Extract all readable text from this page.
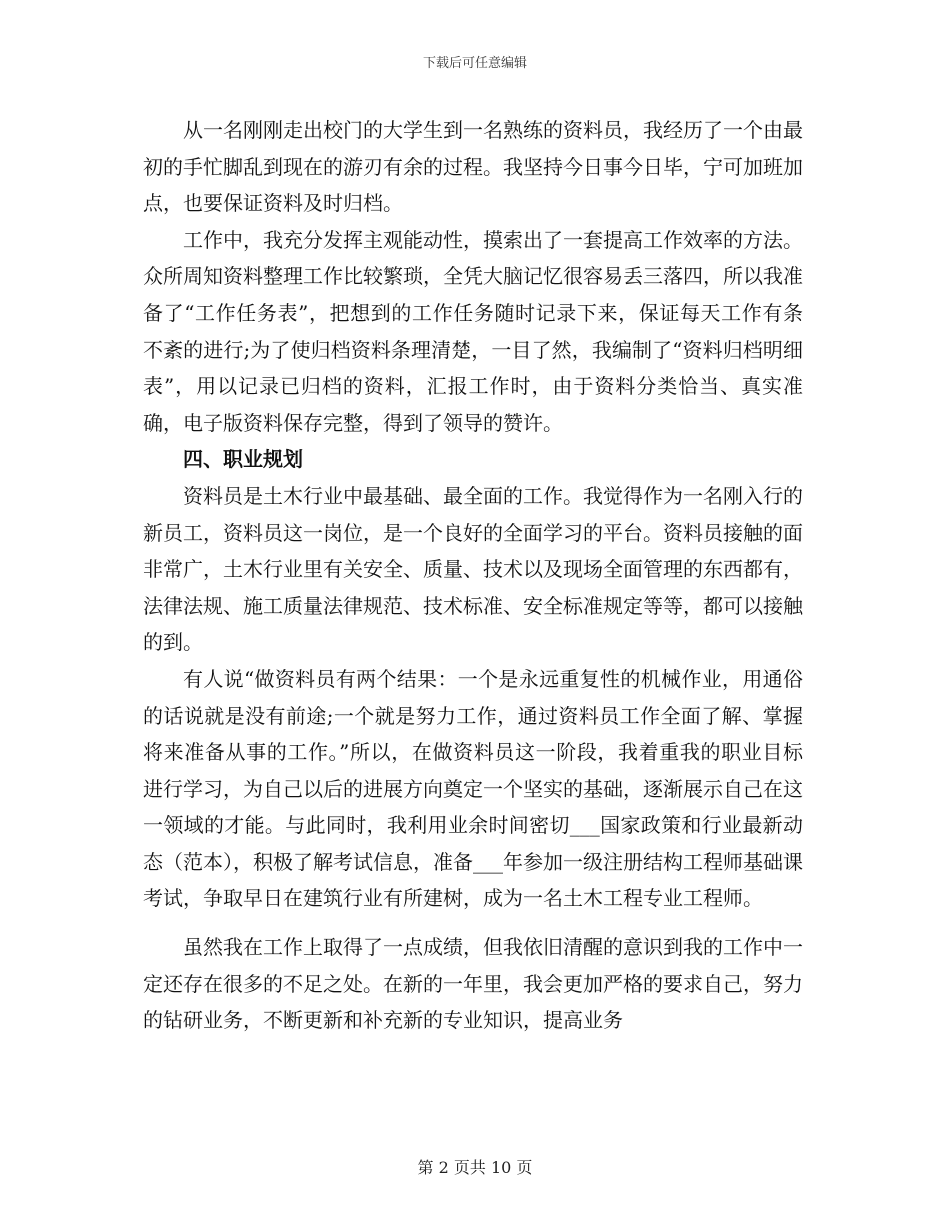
下载后可任意编辑

从一名刚刚走出校门的大学生到一名熟练的资料员，我经历了一个由最初的手忙脚乱到现在的游刃有余的过程。我坚持今日事今日毕，宁可加班加点，也要保证资料及时归档。

工作中，我充分发挥主观能动性，摸索出了一套提高工作效率的方法。众所周知资料整理工作比较繁琐，全凭大脑记忆很容易丢三落四，所以我准备了“工作任务表”，把想到的工作任务随时记录下来，保证每天工作有条不紊的进行;为了使归档资料条理清楚，一目了然，我编制了“资料归档明细表”，用以记录已归档的资料，汇报工作时，由于资料分类恰当、真实准确，电子版资料保存完整，得到了领导的赞许。

四、职业规划

资料员是土木行业中最基础、最全面的工作。我觉得作为一名刚入行的新员工，资料员这一岗位，是一个良好的全面学习的平台。资料员接触的面非常广，土木行业里有关安全、质量、技术以及现场全面管理的东西都有，法律法规、施工质量法律规范、技术标准、安全标准规定等等，都可以接触的到。

有人说“做资料员有两个结果：一个是永远重复性的机械作业，用通俗的话说就是没有前途;一个就是努力工作，通过资料员工作全面了解、掌握将来准备从事的工作。”所以，在做资料员这一阶段，我着重我的职业目标进行学习，为自己以后的进展方向奠定一个坚实的基础，逐渐展示自己在这一领域的才能。与此同时，我利用业余时间密切___国家政策和行业最新动态（范本），积极了解考试信息，准备___年参加一级注册结构工程师基础课考试，争取早日在建筑行业有所建树，成为一名土木工程专业工程师。

虽然我在工作上取得了一点成绩，但我依旧清醒的意识到我的工作中一定还存在很多的不足之处。在新的一年里，我会更加严格的要求自己，努力的钻研业务，不断更新和补充新的专业知识，提高业务

第 2 页共 10 页
